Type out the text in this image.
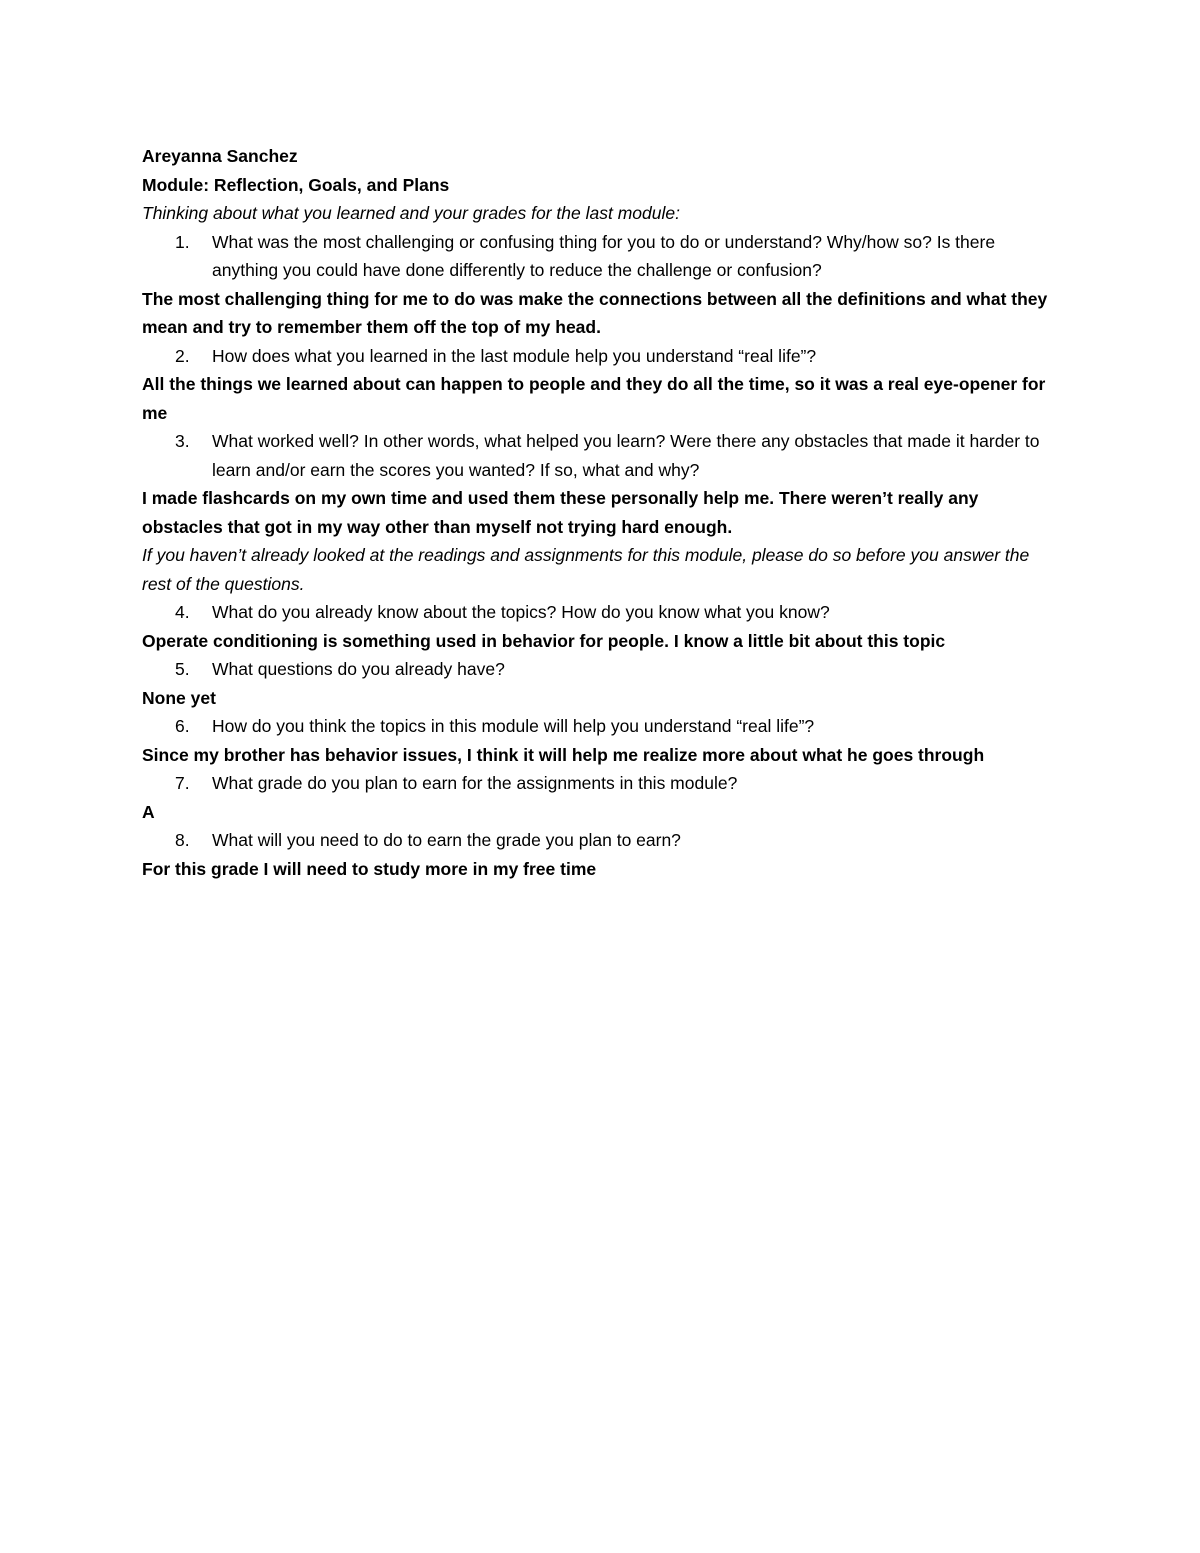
Areyanna Sanchez

Module: Reflection, Goals, and Plans

Thinking about what you learned and your grades for the last module:

1. What was the most challenging or confusing thing for you to do or understand? Why/how so? Is there anything you could have done differently to reduce the challenge or confusion?

The most challenging thing for me to do was make the connections between all the definitions and what they mean and try to remember them off the top of my head.

2. How does what you learned in the last module help you understand “real life”?

All the things we learned about can happen to people and they do all the time, so it was a real eye-opener for me

3. What worked well? In other words, what helped you learn? Were there any obstacles that made it harder to learn and/or earn the scores you wanted? If so, what and why?

I made flashcards on my own time and used them these personally help me. There weren’t really any obstacles that got in my way other than myself not trying hard enough.

If you haven’t already looked at the readings and assignments for this module, please do so before you answer the rest of the questions.

4. What do you already know about the topics? How do you know what you know?

Operate conditioning is something used in behavior for people. I know a little bit about this topic

5. What questions do you already have?

None yet

6. How do you think the topics in this module will help you understand “real life”?

Since my brother has behavior issues, I think it will help me realize more about what he goes through

7. What grade do you plan to earn for the assignments in this module?

A

8. What will you need to do to earn the grade you plan to earn?

For this grade I will need to study more in my free time
